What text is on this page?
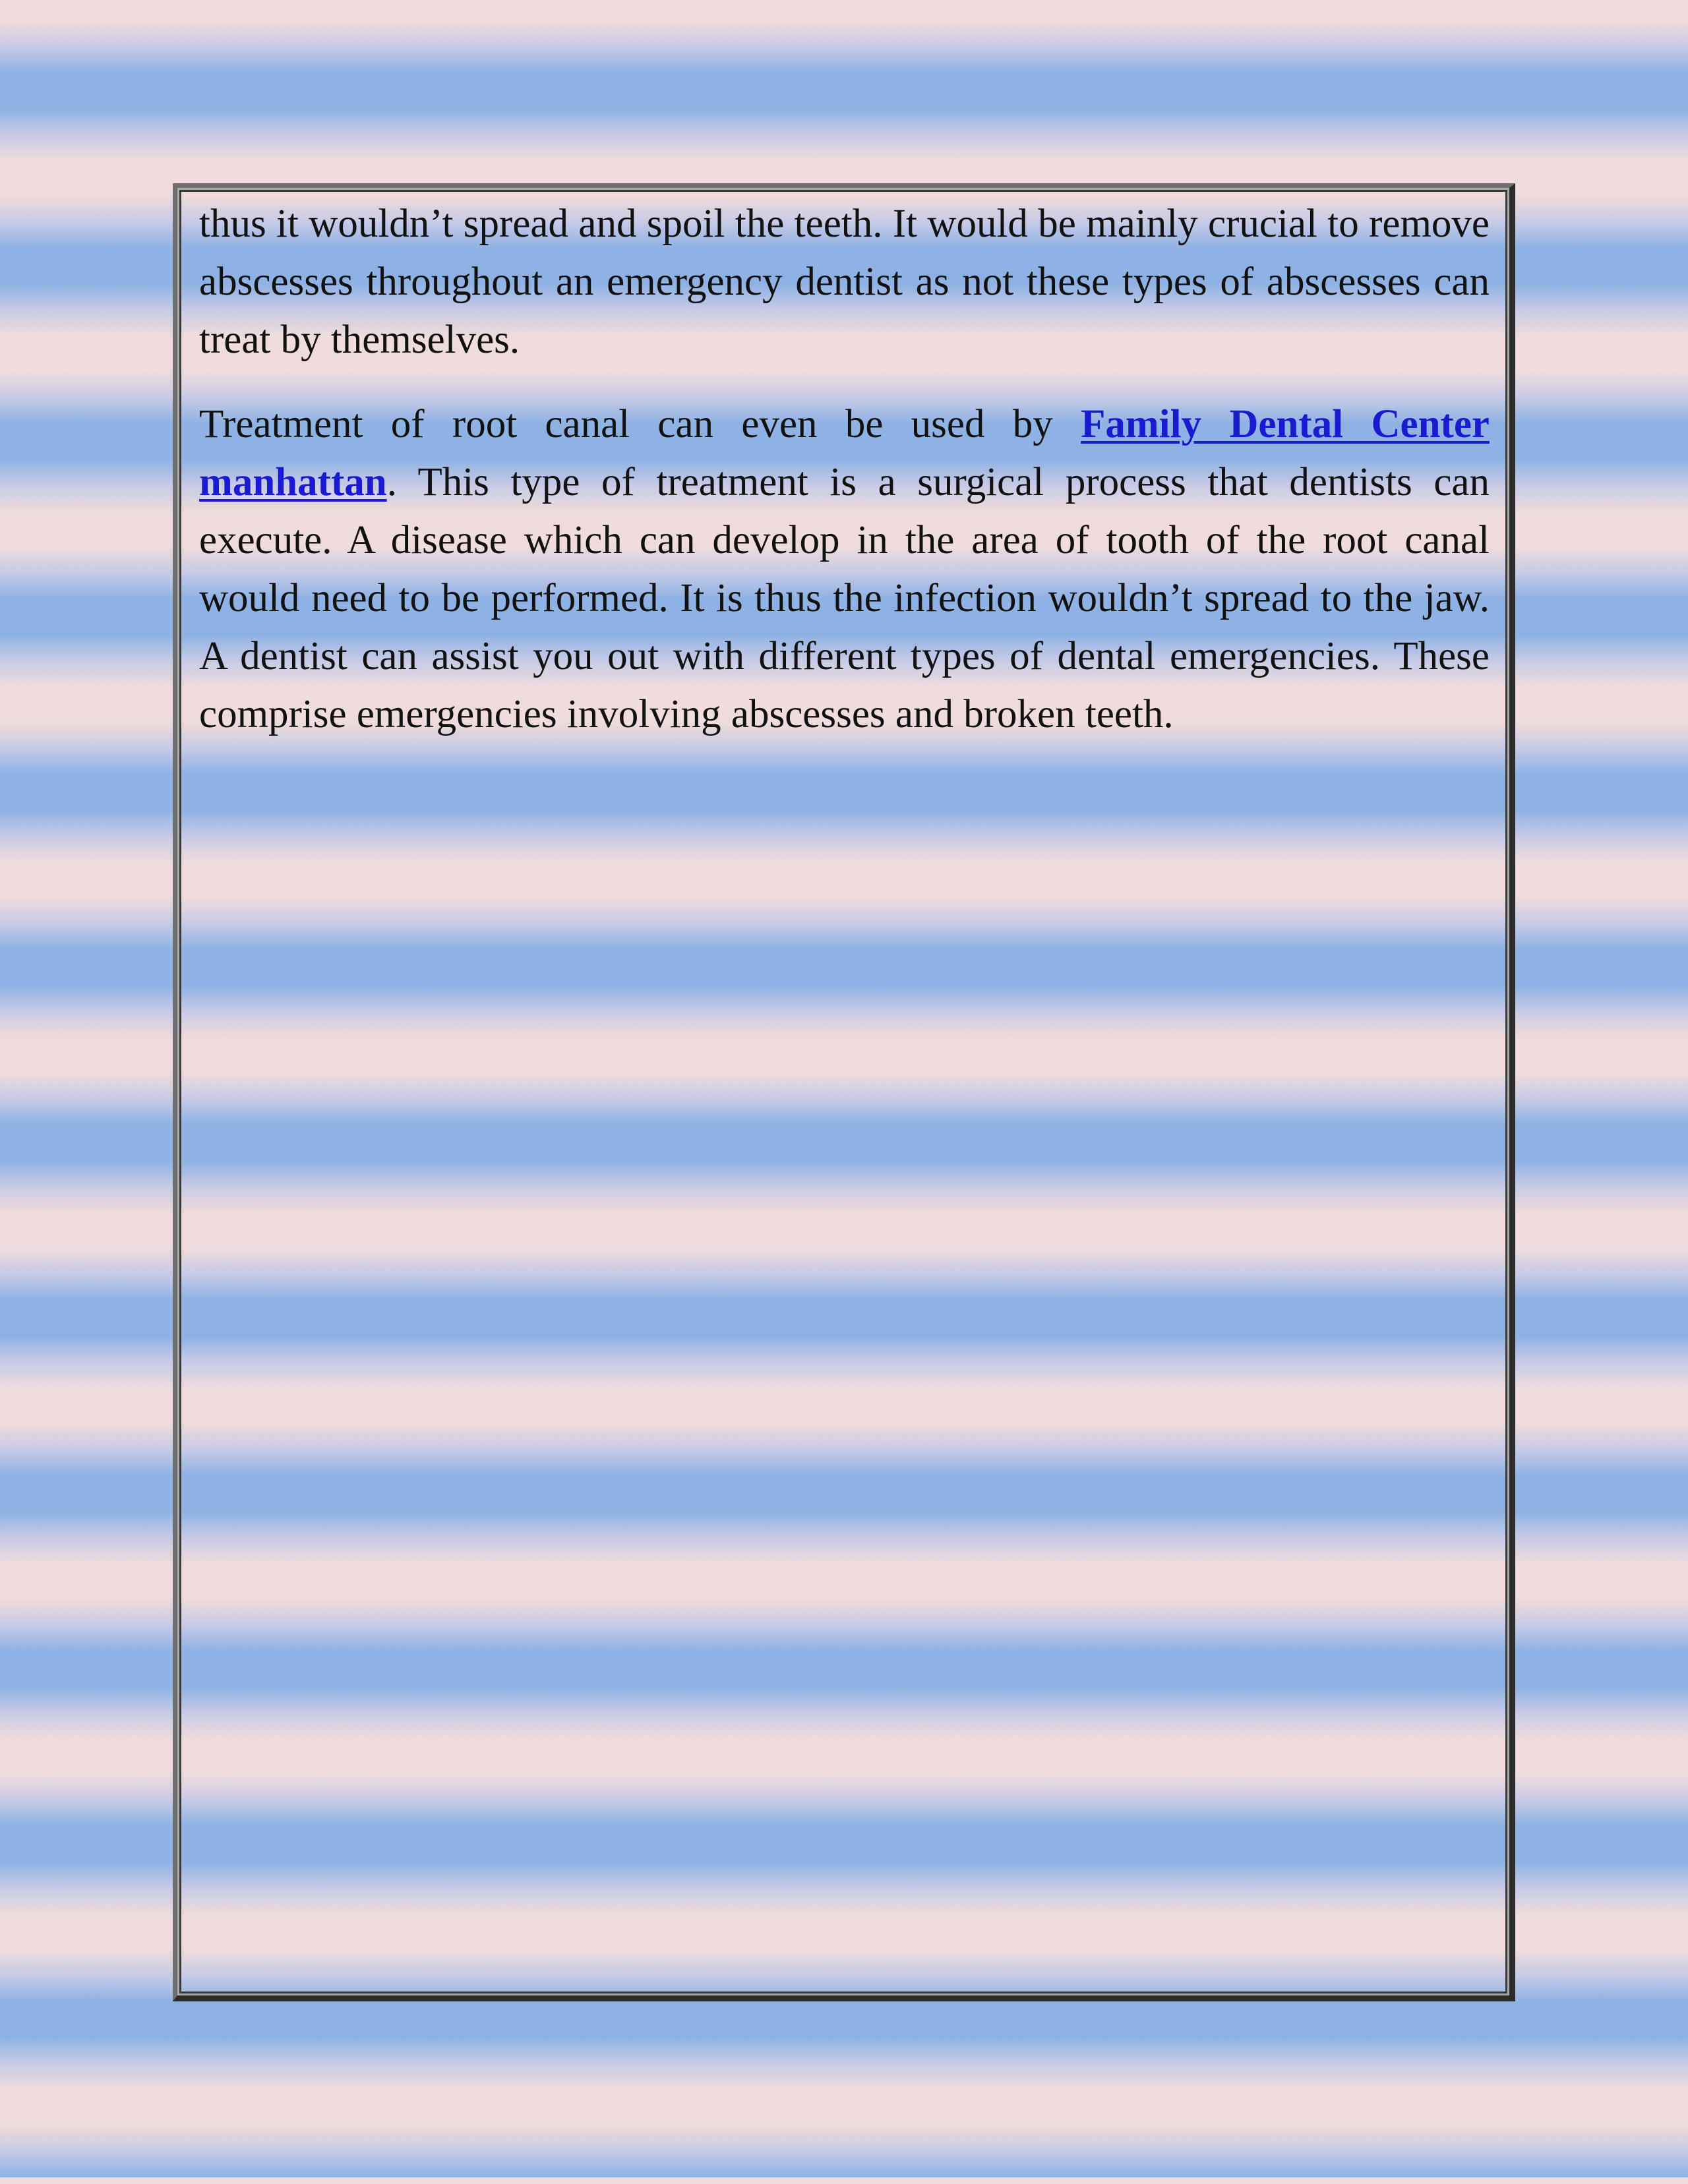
thus it wouldn’t spread and spoil the teeth. It would be mainly crucial to remove abscesses throughout an emergency dentist as not these types of abscesses can treat by themselves.

Treatment of root canal can even be used by Family Dental Center manhattan. This type of treatment is a surgical process that dentists can execute. A disease which can develop in the area of tooth of the root canal would need to be performed. It is thus the infection wouldn’t spread to the jaw. A dentist can assist you out with different types of dental emergencies. These comprise emergencies involving abscesses and broken teeth.
